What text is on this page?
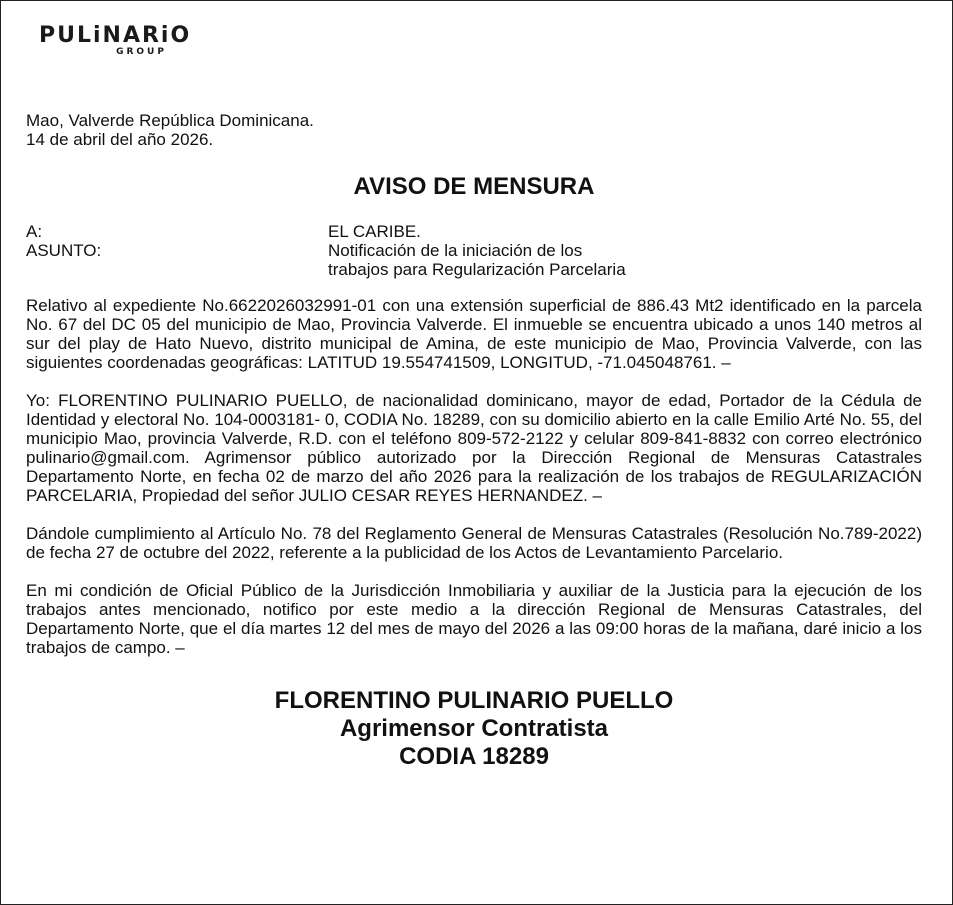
PULiNARiO
GROUP

Mao, Valverde República Dominicana.

14 de abril del año 2026.

AVISO DE MENSURA
A:	EL CARIBE.
ASUNTO:	Notificación de la iniciación de los
trabajos para Regularización Parcelaria

Relativo al expediente No.6622026032991-01 con una extensión superficial de 886.43 Mt2 identificado en la parcela No. 67 del DC 05 del municipio de Mao, Provincia Valverde. El inmueble se encuentra ubicado a unos 140 metros al sur del play de Hato Nuevo, distrito municipal de Amina, de este municipio de Mao, Provincia Valverde, con las siguientes coordenadas geográficas: LATITUD 19.554741509, LONGITUD, -71.045048761. –

Yo: FLORENTINO PULINARIO PUELLO, de nacionalidad dominicano, mayor de edad, Portador de la Cédula de Identidad y electoral No. 104-0003181- 0, CODIA No. 18289, con su domicilio abierto en la calle Emilio Arté No. 55, del municipio Mao, provincia Valverde, R.D. con el teléfono 809-572-2122 y celular 809-841-8832 con correo electrónico pulinario@gmail.com. Agrimensor público autorizado por la Dirección Regional de Mensuras Catastrales Departamento Norte, en fecha 02 de marzo del año 2026 para la realización de los trabajos de REGULARIZACIÓN PARCELARIA, Propiedad del señor JULIO CESAR REYES HERNANDEZ. –

Dándole cumplimiento al Artículo No. 78 del Reglamento General de Mensuras Catastrales (Resolución No.789-2022) de fecha 27 de octubre del 2022, referente a la publicidad de los Actos de Levantamiento Parcelario.

En mi condición de Oficial Público de la Jurisdicción Inmobiliaria y auxiliar de la Justicia para la ejecución de los trabajos antes mencionado, notifico por este medio a la dirección Regional de Mensuras Catastrales, del Departamento Norte, que el día martes 12 del mes de mayo del 2026 a las 09:00 horas de la mañana, daré inicio a los trabajos de campo. –

FLORENTINO PULINARIO PUELLO
Agrimensor Contratista
CODIA 18289
